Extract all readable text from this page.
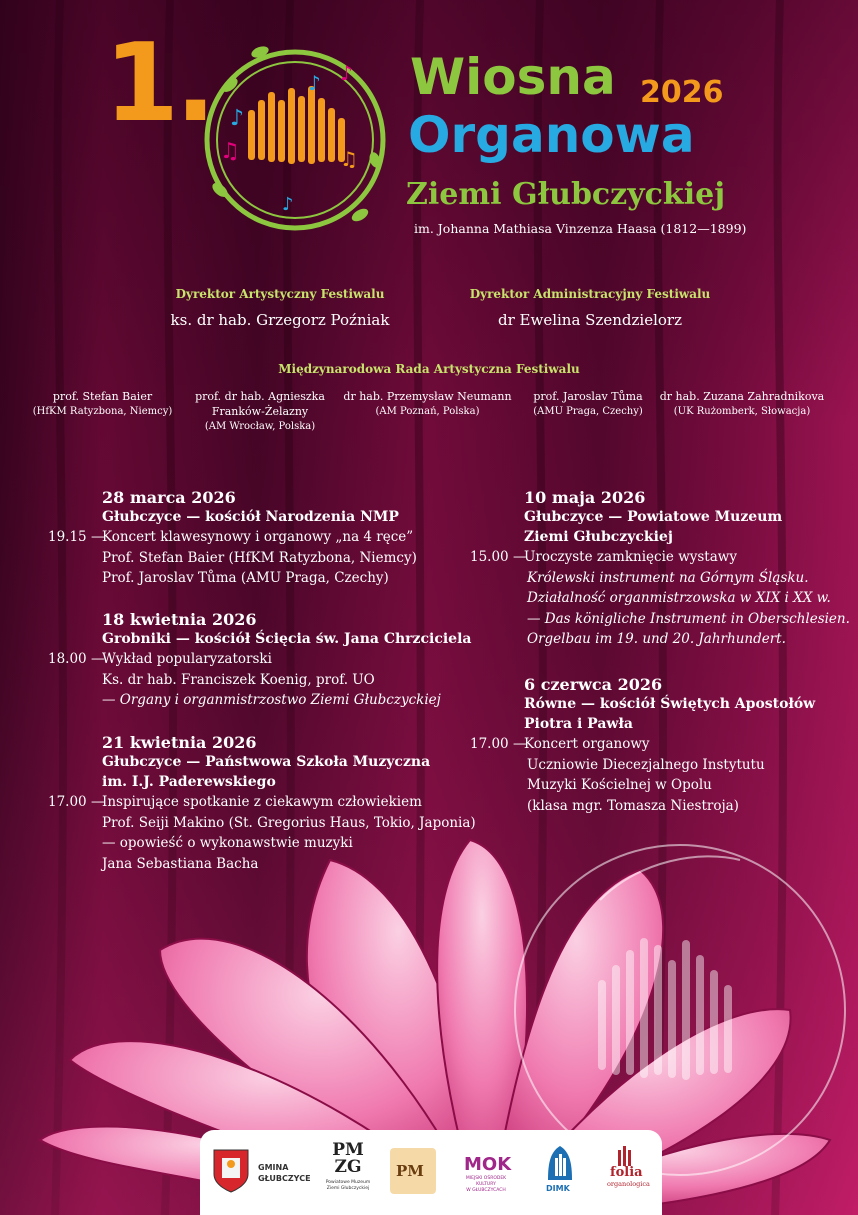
1. ♪
♫
♪ ♪
♫
♪
Wiosna 2026
Organowa
Ziemi Głubczyckiej
im. Johanna Mathiasa Vinzenza Haasa (1812—1899)
Dyrektor Artystyczny Festiwalu
ks. dr hab. Grzegorz Poźniak
Dyrektor Administracyjny Festiwalu
dr Ewelina Szendzielorz
Międzynarodowa Rada Artystyczna Festiwalu
prof. Stefan Baier
(HfKM Ratyzbona, Niemcy)
prof. dr hab. Agnieszka
Franków-Żelazny
(AM Wrocław, Polska)
dr hab. Przemysław Neumann
(AM Poznań, Polska)
prof. Jaroslav Tůma
(AMU Praga, Czechy)
dr hab. Zuzana Zahradnikova
(UK Rużomberk, Słowacja)
28 marca 2026
Głubczyce — kościół Narodzenia NMP
19.15 —Koncert klawesynowy i organowy „na 4 ręce”
Prof. Stefan Baier (HfKM Ratyzbona, Niemcy)
Prof. Jaroslav Tůma (AMU Praga, Czechy)
18 kwietnia 2026
Grobniki — kościół Ścięcia św. Jana Chrzciciela
18.00 —Wykład popularyzatorski
Ks. dr hab. Franciszek Koenig, prof. UO
— Organy i organmistrzostwo Ziemi Głubczyckiej
21 kwietnia 2026
Głubczyce — Państwowa Szkoła Muzyczna
im. I.J. Paderewskiego
17.00 —Inspirujące spotkanie z ciekawym człowiekiem
Prof. Seiji Makino (St. Gregorius Haus, Tokio, Japonia)
— opowieść o wykonawstwie muzyki
Jana Sebastiana Bacha
10 maja 2026
Głubczyce — Powiatowe Muzeum
Ziemi Głubczyckiej
15.00 —Uroczyste zamknięcie wystawy
Królewski instrument na Górnym Śląsku.
Działalność organmistrzowska w XIX i XX w.
— Das königliche Instrument in Oberschlesien.
Orgelbau im 19. und 20. Jahrhundert.
6 czerwca 2026
Równe — kościół Świętych Apostołów
Piotra i Pawła
17.00 —Koncert organowy
Uczniowie Diecezjalnego Instytutu
Muzyki Kościelnej w Opolu
(klasa mgr. Tomasza Niestroja)
GMINA
GŁUBCZYCE
PM
ZG
Powiatowe Muzeum
Ziemi Głubczyckiej
PM MOK
MIEJSKI OŚRODEK KULTURY
W GŁUBCZYCACH	DIMK
folia
organologica
